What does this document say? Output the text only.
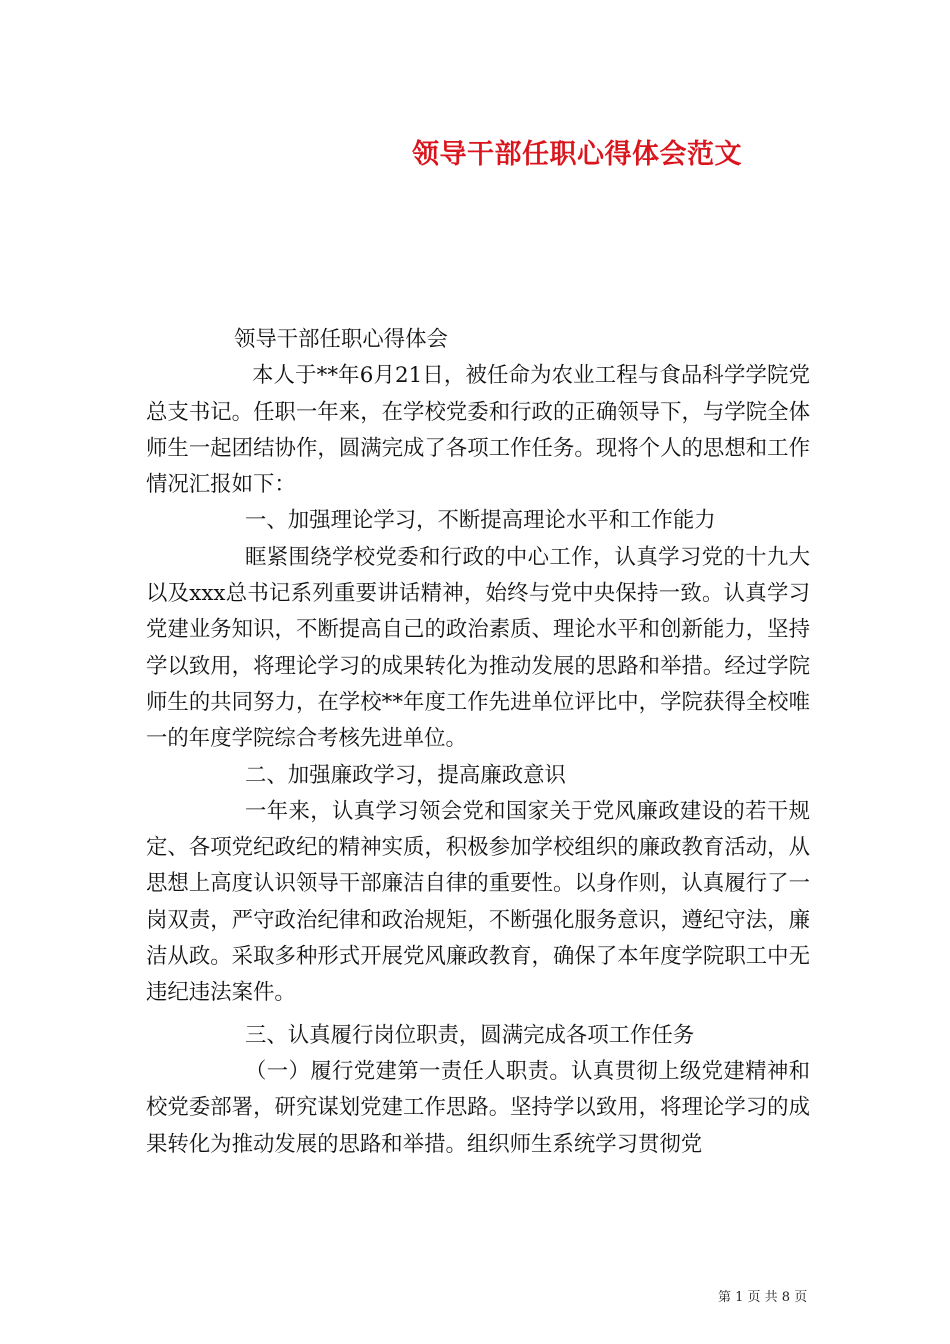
领导干部任职心得体会范文

领导干部任职心得体会

本人于**年6月21日，被任命为农业工程与食品科学学院党总支书记。任职一年来，在学校党委和行政的正确领导下，与学院全体师生一起团结协作，圆满完成了各项工作任务。现将个人的思想和工作情况汇报如下：

一、加强理论学习，不断提高理论水平和工作能力

眶紧围绕学校党委和行政的中心工作，认真学习党的十九大以及xxx总书记系列重要讲话精神，始终与党中央保持一致。认真学习党建业务知识，不断提高自己的政治素质、理论水平和创新能力，坚持学以致用，将理论学习的成果转化为推动发展的思路和举措。经过学院师生的共同努力，在学校**年度工作先进单位评比中，学院获得全校唯一的年度学院综合考核先进单位。

二、加强廉政学习，提高廉政意识

一年来，认真学习领会党和国家关于党风廉政建设的若干规定、各项党纪政纪的精神实质，积极参加学校组织的廉政教育活动，从思想上高度认识领导干部廉洁自律的重要性。以身作则，认真履行了一岗双责，严守政治纪律和政治规矩，不断强化服务意识，遵纪守法，廉洁从政。采取多种形式开展党风廉政教育，确保了本年度学院职工中无违纪违法案件。

三、认真履行岗位职责，圆满完成各项工作任务

（一）履行党建第一责任人职责。认真贯彻上级党建精神和校党委部署，研究谋划党建工作思路。坚持学以致用，将理论学习的成果转化为推动发展的思路和举措。组织师生系统学习贯彻党

第 1 页 共 8 页
